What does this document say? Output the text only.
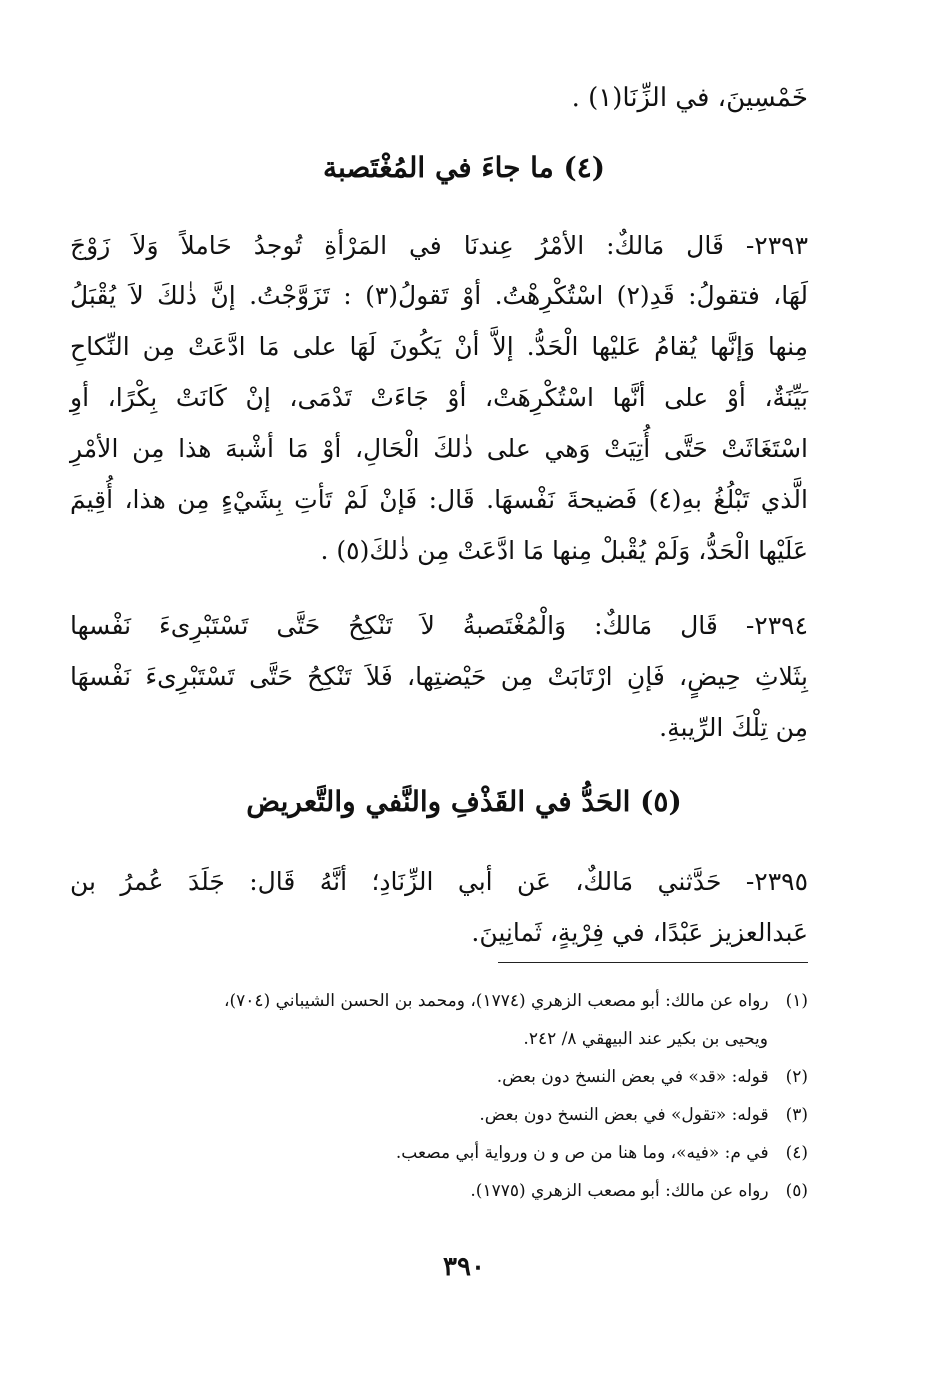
خَمْسِينَ، في الزِّنَا(١) .
(٤) ما جاءَ في المُغْتَصبة
٢٣٩٣- قَال مَالكٌ: الأمْرُ عِندنَا في المَرْأةِ تُوجدُ حَاملاً وَلاَ زَوْجَ
لَهَا، فتقولُ: قَدِ(٢) اسْتُكْرِهْتُ. أوْ تَقولُ(٣) : تَزَوَّجْتُ. إنَّ ذٰلكَ لاَ يُقْبَلُ
مِنها وَإنَّها يُقامُ عَليْها الْحَدُّ. إلاَّ أنْ يَكُونَ لَهَا على مَا ادَّعَتْ مِن النِّكاحِ
بَيِّنَةٌ، أوْ على أنَّها اسْتُكْرِهَتْ، أوْ جَاءَتْ تَدْمَى، إنْ كَانَتْ بِكْرًا، أوِ
اسْتَغَاثَتْ حَتَّى أُتِيَتْ وَهي على ذٰلكَ الْحَالِ، أوْ مَا أشْبهَ هذا مِن الأمْرِ
الَّذي تَبْلُغُ بهِ(٤) فَضيحةَ نَفْسهَا. قَال: فَإنْ لَمْ تَأتِ بِشَيْءٍ مِن هذا، أُقِيمَ
عَلَيْها الْحَدُّ، وَلَمْ يُقْبلْ مِنها مَا ادَّعَتْ مِن ذٰلكَ(٥) .
٢٣٩٤- قَال مَالكٌ: وَالْمُغْتَصبةُ لاَ تَنْكِحُ حَتَّى تَسْتَبْرِىءَ نَفْسها
بِثَلاثِ حِيضٍ، فَإنِ ارْتَابَتْ مِن حَيْضتِها، فَلاَ تَنْكِحُ حَتَّى تَسْتَبْرِىءَ نَفْسهَا
مِن تِلْكَ الرِّيبةِ.
(٥) الحَدُّ في القَذْفِ والنَّفي والتَّعريض
٢٣٩٥- حَدَّثني مَالكٌ، عَن أبي الزِّنَادِ؛ أنَّهُ قَال: جَلَدَ عُمرُ بن
عَبدالعزيز عَبْدًا، في فِرْيةٍ، ثَمانِينَ.
(١) رواه عن مالك: أبو مصعب الزهري (١٧٧٤)، ومحمد بن الحسن الشيباني (٧٠٤)،
ويحيى بن بكير عند البيهقي ٨/ ٢٤٢.
(٢) قوله: «قد» في بعض النسخ دون بعض.
(٣) قوله: «تقول» في بعض النسخ دون بعض.
(٤) في م: «فيه»، وما هنا من ص و ن ورواية أبي مصعب.
(٥) رواه عن مالك: أبو مصعب الزهري (١٧٧٥).
٣٩٠
